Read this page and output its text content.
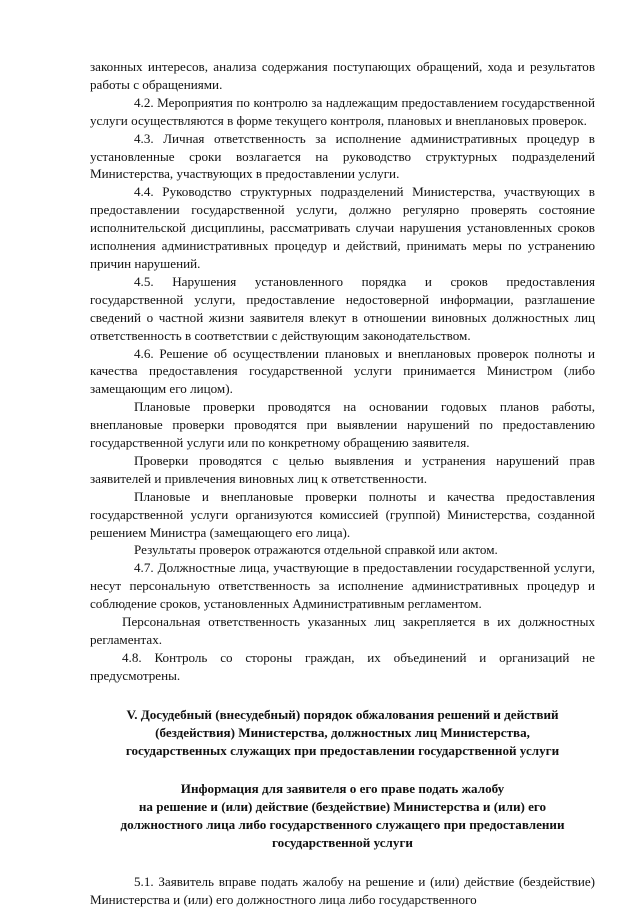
законных интересов, анализа содержания поступающих обращений, хода и результатов работы с обращениями.

4.2. Мероприятия по контролю за надлежащим предоставлением государственной услуги осуществляются в форме текущего контроля, плановых и внеплановых проверок.

4.3. Личная ответственность за исполнение административных процедур в установленные сроки возлагается на руководство структурных подразделений Министерства, участвующих в предоставлении услуги.

4.4. Руководство структурных подразделений Министерства, участвующих в предоставлении государственной услуги, должно регулярно проверять состояние исполнительской дисциплины, рассматривать случаи нарушения установленных сроков исполнения административных процедур и действий, принимать меры по устранению причин нарушений.

4.5. Нарушения установленного порядка и сроков предоставления государственной услуги, предоставление недостоверной информации, разглашение сведений о частной жизни заявителя влекут в отношении виновных должностных лиц ответственность в соответствии с действующим законодательством.

4.6. Решение об осуществлении плановых и внеплановых проверок полноты и качества предоставления государственной услуги принимается Министром (либо замещающим его лицом).

Плановые проверки проводятся на основании годовых планов работы, внеплановые проверки проводятся при выявлении нарушений по предоставлению государственной услуги или по конкретному обращению заявителя.

Проверки проводятся с целью выявления и устранения нарушений прав заявителей и привлечения виновных лиц к ответственности.

Плановые и внеплановые проверки полноты и качества предоставления государственной услуги организуются комиссией (группой) Министерства, созданной решением Министра (замещающего его лица).

Результаты проверок отражаются отдельной справкой или актом.

4.7. Должностные лица, участвующие в предоставлении государственной услуги, несут персональную ответственность за исполнение административных процедур и соблюдение сроков, установленных Административным регламентом.

Персональная ответственность указанных лиц закрепляется в их должностных регламентах.

4.8. Контроль со стороны граждан, их объединений и организаций не предусмотрены.

V. Досудебный (внесудебный) порядок обжалования решений и действий

(бездействия) Министерства, должностных лиц Министерства,

государственных служащих при предоставлении государственной услуги

Информация для заявителя о его праве подать жалобу

на решение и (или) действие (бездействие) Министерства и (или) его

должностного лица либо государственного служащего при предоставлении

государственной услуги

5.1. Заявитель вправе подать жалобу на решение и (или) действие (бездействие) Министерства и (или) его должностного лица либо государственного
